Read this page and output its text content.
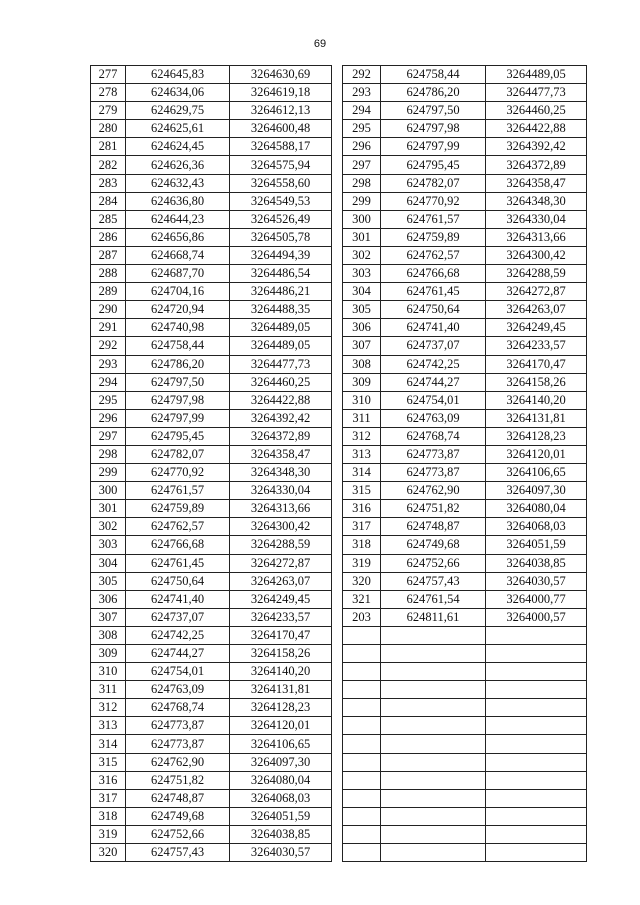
69
277	624645,83	3264630,69
278	624634,06	3264619,18
279	624629,75	3264612,13
280	624625,61	3264600,48
281	624624,45	3264588,17
282	624626,36	3264575,94
283	624632,43	3264558,60
284	624636,80	3264549,53
285	624644,23	3264526,49
286	624656,86	3264505,78
287	624668,74	3264494,39
288	624687,70	3264486,54
289	624704,16	3264486,21
290	624720,94	3264488,35
291	624740,98	3264489,05
292	624758,44	3264489,05
293	624786,20	3264477,73
294	624797,50	3264460,25
295	624797,98	3264422,88
296	624797,99	3264392,42
297	624795,45	3264372,89
298	624782,07	3264358,47
299	624770,92	3264348,30
300	624761,57	3264330,04
301	624759,89	3264313,66
302	624762,57	3264300,42
303	624766,68	3264288,59
304	624761,45	3264272,87
305	624750,64	3264263,07
306	624741,40	3264249,45
307	624737,07	3264233,57
308	624742,25	3264170,47
309	624744,27	3264158,26
310	624754,01	3264140,20
311	624763,09	3264131,81
312	624768,74	3264128,23
313	624773,87	3264120,01
314	624773,87	3264106,65
315	624762,90	3264097,30
316	624751,82	3264080,04
317	624748,87	3264068,03
318	624749,68	3264051,59
319	624752,66	3264038,85
320	624757,43	3264030,57
292	624758,44	3264489,05
293	624786,20	3264477,73
294	624797,50	3264460,25
295	624797,98	3264422,88
296	624797,99	3264392,42
297	624795,45	3264372,89
298	624782,07	3264358,47
299	624770,92	3264348,30
300	624761,57	3264330,04
301	624759,89	3264313,66
302	624762,57	3264300,42
303	624766,68	3264288,59
304	624761,45	3264272,87
305	624750,64	3264263,07
306	624741,40	3264249,45
307	624737,07	3264233,57
308	624742,25	3264170,47
309	624744,27	3264158,26
310	624754,01	3264140,20
311	624763,09	3264131,81
312	624768,74	3264128,23
313	624773,87	3264120,01
314	624773,87	3264106,65
315	624762,90	3264097,30
316	624751,82	3264080,04
317	624748,87	3264068,03
318	624749,68	3264051,59
319	624752,66	3264038,85
320	624757,43	3264030,57
321	624761,54	3264000,77
203	624811,61	3264000,57
